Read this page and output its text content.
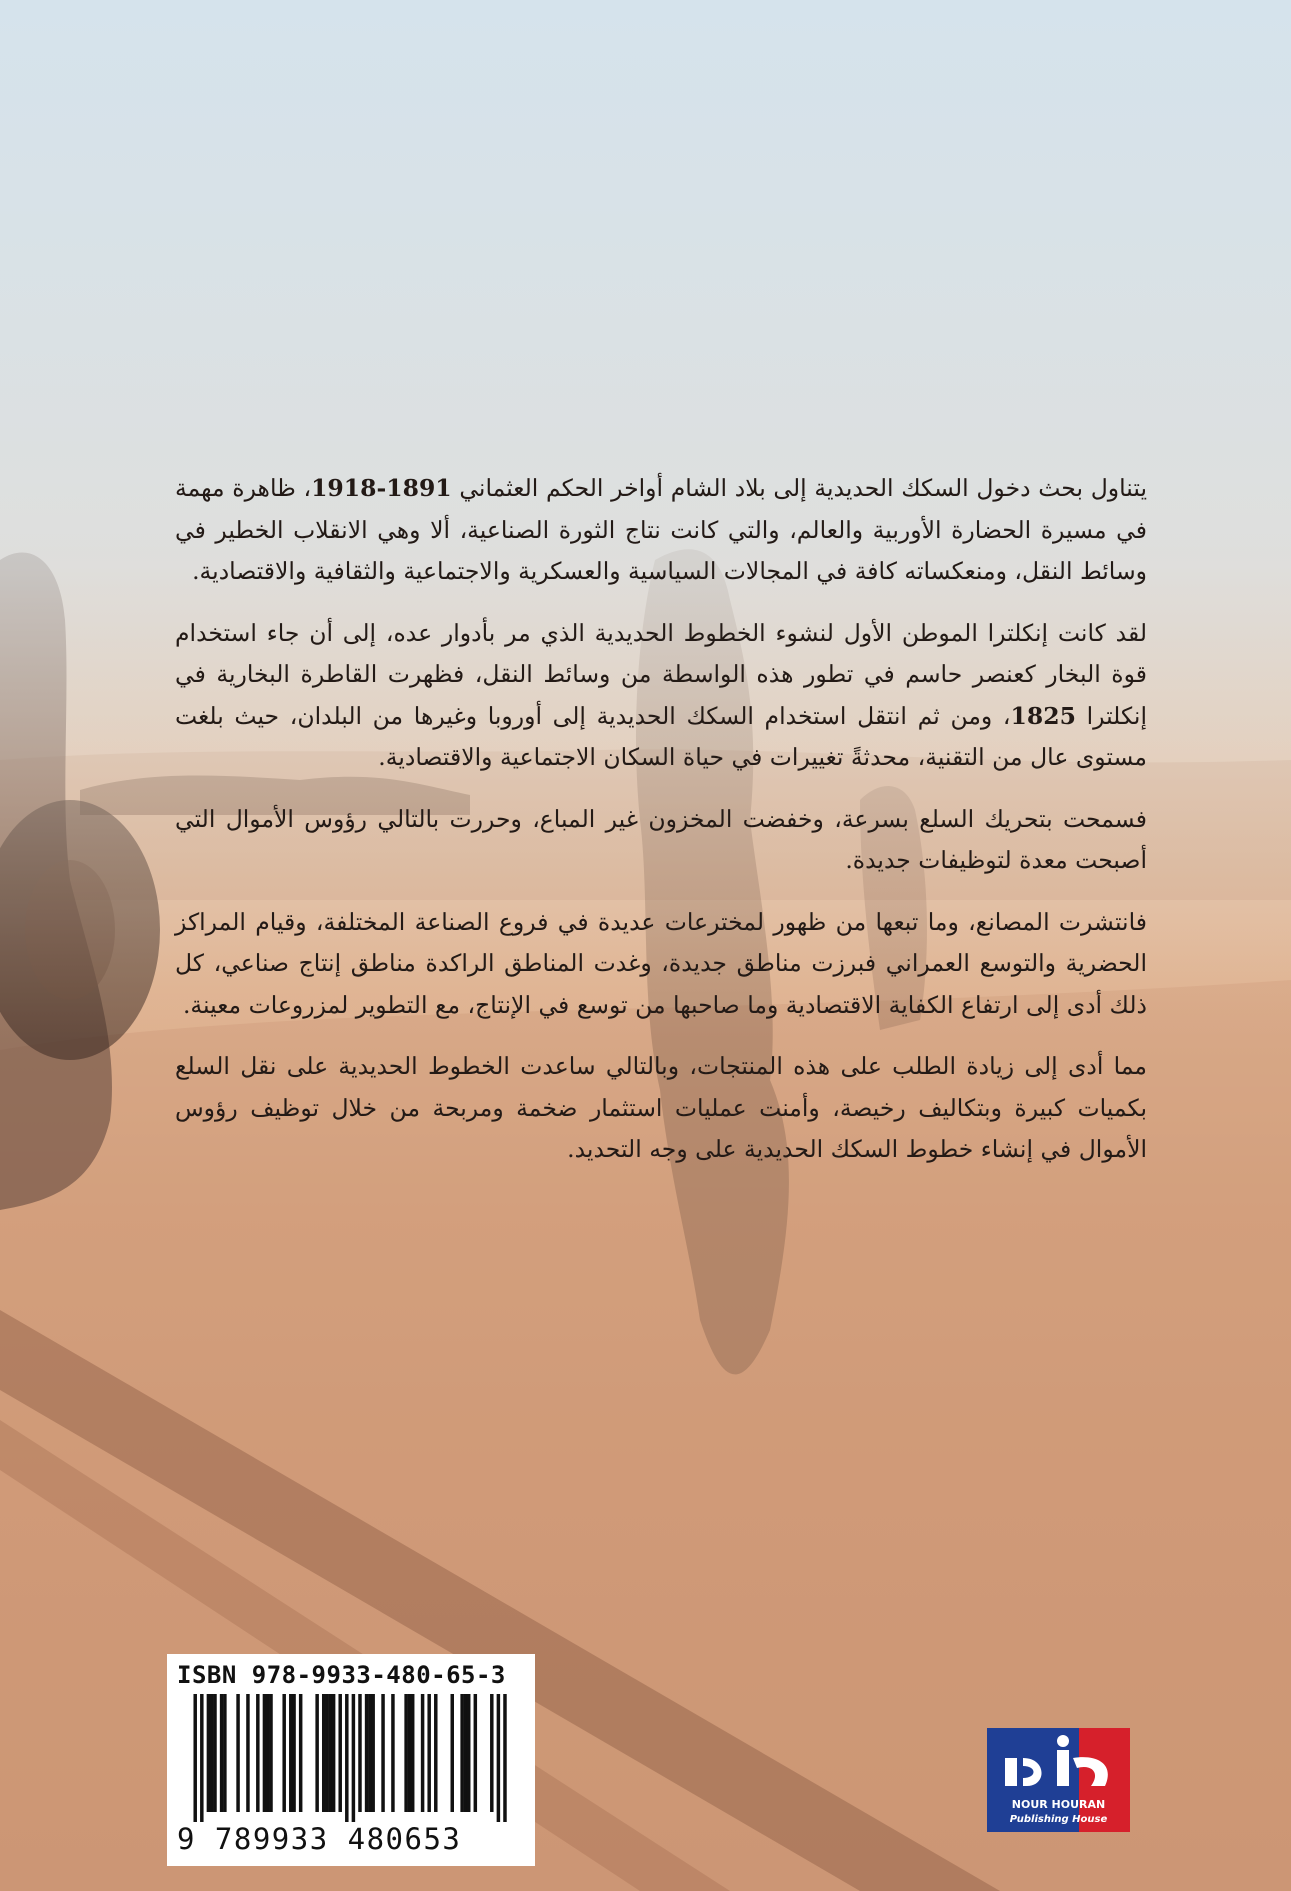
يتناول بحث دخول السكك الحديدية إلى بلاد الشام أواخر الحكم العثماني 1891-1918، ظاهرة مهمة في مسيرة الحضارة الأوربية والعالم، والتي كانت نتاج الثورة الصناعية، ألا وهي الانقلاب الخطير في وسائط النقل، ومنعكساته كافة في المجالات السياسية والعسكرية والاجتماعية والثقافية والاقتصادية.

لقد كانت إنكلترا الموطن الأول لنشوء الخطوط الحديدية الذي مر بأدوار عده، إلى أن جاء استخدام قوة البخار كعنصر حاسم في تطور هذه الواسطة من وسائط النقل، فظهرت القاطرة البخارية في إنكلترا 1825، ومن ثم انتقل استخدام السكك الحديدية إلى أوروبا وغيرها من البلدان، حيث بلغت مستوى عال من التقنية، محدثةً تغييرات في حياة السكان الاجتماعية والاقتصادية.

فسمحت بتحريك السلع بسرعة، وخفضت المخزون غير المباع، وحررت بالتالي رؤوس الأموال التي أصبحت معدة لتوظيفات جديدة.

فانتشرت المصانع، وما تبعها من ظهور لمخترعات عديدة في فروع الصناعة المختلفة، وقيام المراكز الحضرية والتوسع العمراني فبرزت مناطق جديدة، وغدت المناطق الراكدة مناطق إنتاج صناعي، كل ذلك أدى إلى ارتفاع الكفاية الاقتصادية وما صاحبها من توسع في الإنتاج، مع التطوير لمزروعات معينة.

مما أدى إلى زيادة الطلب على هذه المنتجات، وبالتالي ساعدت الخطوط الحديدية على نقل السلع بكميات كبيرة وبتكاليف رخيصة، وأمنت عمليات استثمار ضخمة ومربحة من خلال توظيف رؤوس الأموال في إنشاء خطوط السكك الحديدية على وجه التحديد.

ISBN 978-9933-480-65-3
9 789933 480653
NOUR HOURAN
Publishing House
